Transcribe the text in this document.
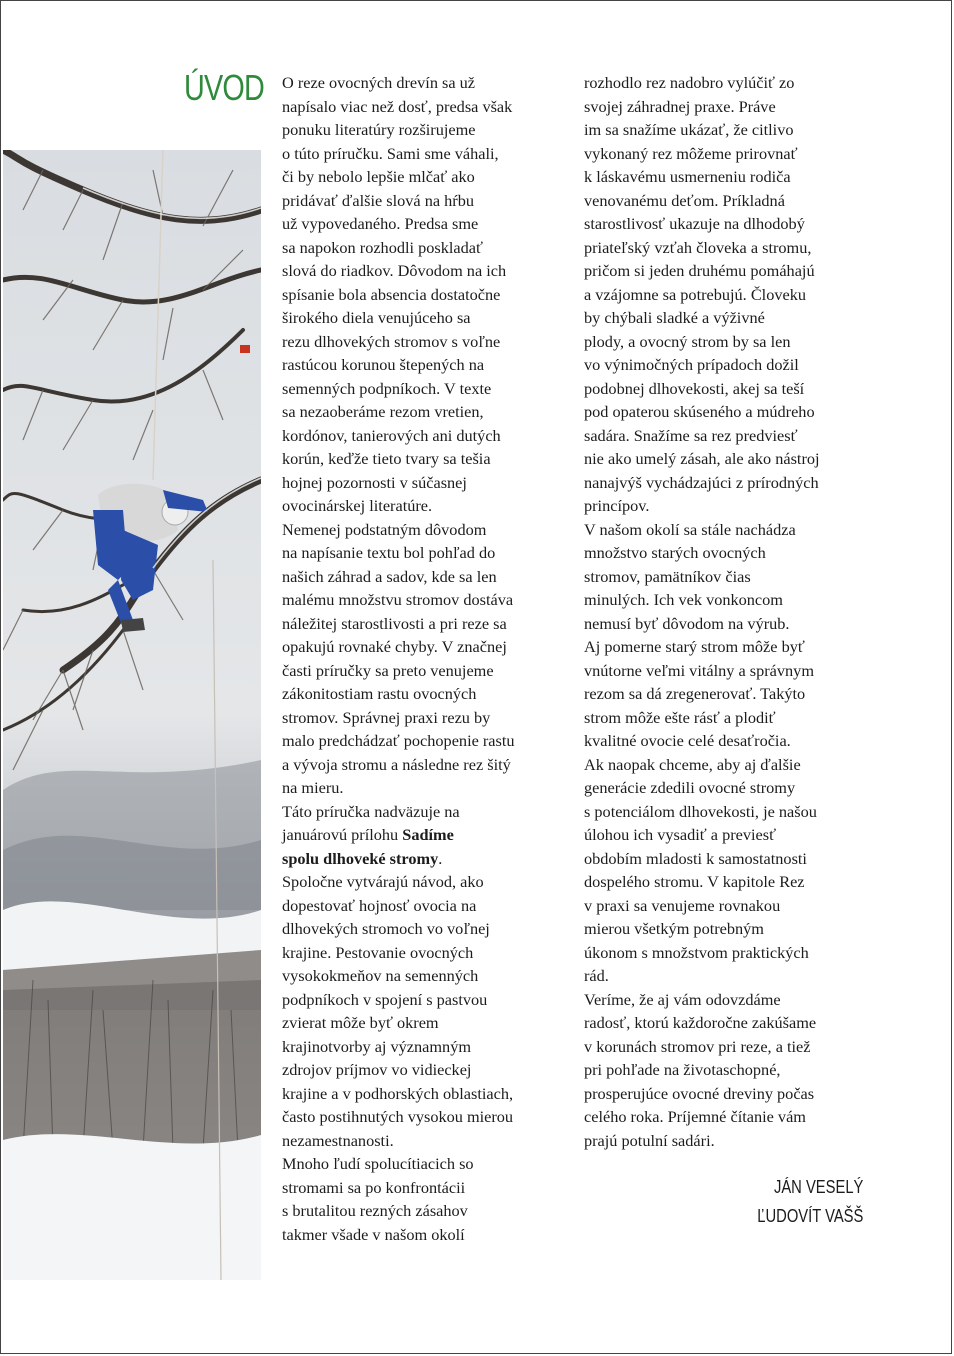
ÚVOD O reze ovocných drevín sa už

napísalo viac než dosť, predsa však

ponuku literatúry rozširujeme

o túto príručku. Sami sme váhali,

či by nebolo lepšie mlčať ako

pridávať ďalšie slová na hŕbu

už vypovedaného. Predsa sme

sa napokon rozhodli poskladať

slová do riadkov. Dôvodom na ich

spísanie bola absencia dostatočne

širokého diela venujúceho sa

rezu dlhovekých stromov s voľne

rastúcou korunou štepených na

semenných podpníkoch. V texte

sa nezaoberáme rezom vretien,

kordónov, tanierových ani dutých

korún, keďže tieto tvary sa tešia

hojnej pozornosti v súčasnej

ovocinárskej literatúre.

Nemenej podstatným dôvodom

na napísanie textu bol pohľad do

našich záhrad a sadov, kde sa len

malému množstvu stromov dostáva

náležitej starostlivosti a pri reze sa

opakujú rovnaké chyby. V značnej

časti príručky sa preto venujeme

zákonitostiam rastu ovocných

stromov. Správnej praxi rezu by

malo predchádzať pochopenie rastu

a vývoja stromu a následne rez šitý

na mieru.

Táto príručka nadväzuje na

januárovú prílohu Sadíme

spolu dlhoveké stromy.

Spoločne vytvárajú návod, ako

dopestovať hojnosť ovocia na

dlhovekých stromoch vo voľnej

krajine. Pestovanie ovocných

vysokokmeňov na semenných

podpníkoch v spojení s pastvou

zvierat môže byť okrem

krajinotvorby aj významným

zdrojov príjmov vo vidieckej

krajine a v podhorských oblastiach,

často postihnutých vysokou mierou

nezamestnanosti.

Mnoho ľudí spolucítiacich so

stromami sa po konfrontácii

s brutalitou rezných zásahov

takmer všade v našom okolí

rozhodlo rez nadobro vylúčiť zo

svojej záhradnej praxe. Práve

im sa snažíme ukázať, že citlivo

vykonaný rez môžeme prirovnať

k láskavému usmerneniu rodiča

venovanému deťom. Príkladná

starostlivosť ukazuje na dlhodobý

priateľský vzťah človeka a stromu,

pričom si jeden druhému pomáhajú

a vzájomne sa potrebujú. Človeku

by chýbali sladké a výživné

plody, a ovocný strom by sa len

vo výnimočných prípadoch dožil

podobnej dlhovekosti, akej sa teší

pod opaterou skúseného a múdreho

sadára. Snažíme sa rez predviesť

nie ako umelý zásah, ale ako nástroj

nanajvýš vychádzajúci z prírodných

princípov.

V našom okolí sa stále nachádza

množstvo starých ovocných

stromov, pamätníkov čias

minulých. Ich vek vonkoncom

nemusí byť dôvodom na výrub.

Aj pomerne starý strom môže byť

vnútorne veľmi vitálny a správnym

rezom sa dá zregenerovať. Takýto

strom môže ešte rásť a plodiť

kvalitné ovocie celé desaťročia.

Ak naopak chceme, aby aj ďalšie

generácie zdedili ovocné stromy

s potenciálom dlhovekosti, je našou

úlohou ich vysadiť a previesť

obdobím mladosti k samostatnosti

dospelého stromu. V kapitole Rez

v praxi sa venujeme rovnakou

mierou všetkým potrebným

úkonom s množstvom praktických

rád.

Veríme, že aj vám odovzdáme

radosť, ktorú každoročne zakúšame

v korunách stromov pri reze, a tiež

pri pohľade na životaschopné,

prosperujúce ovocné dreviny počas

celého roka. Príjemné čítanie vám

prajú potulní sadári.

JÁN VESELÝ
ĽUDOVÍT VAŠŠ
